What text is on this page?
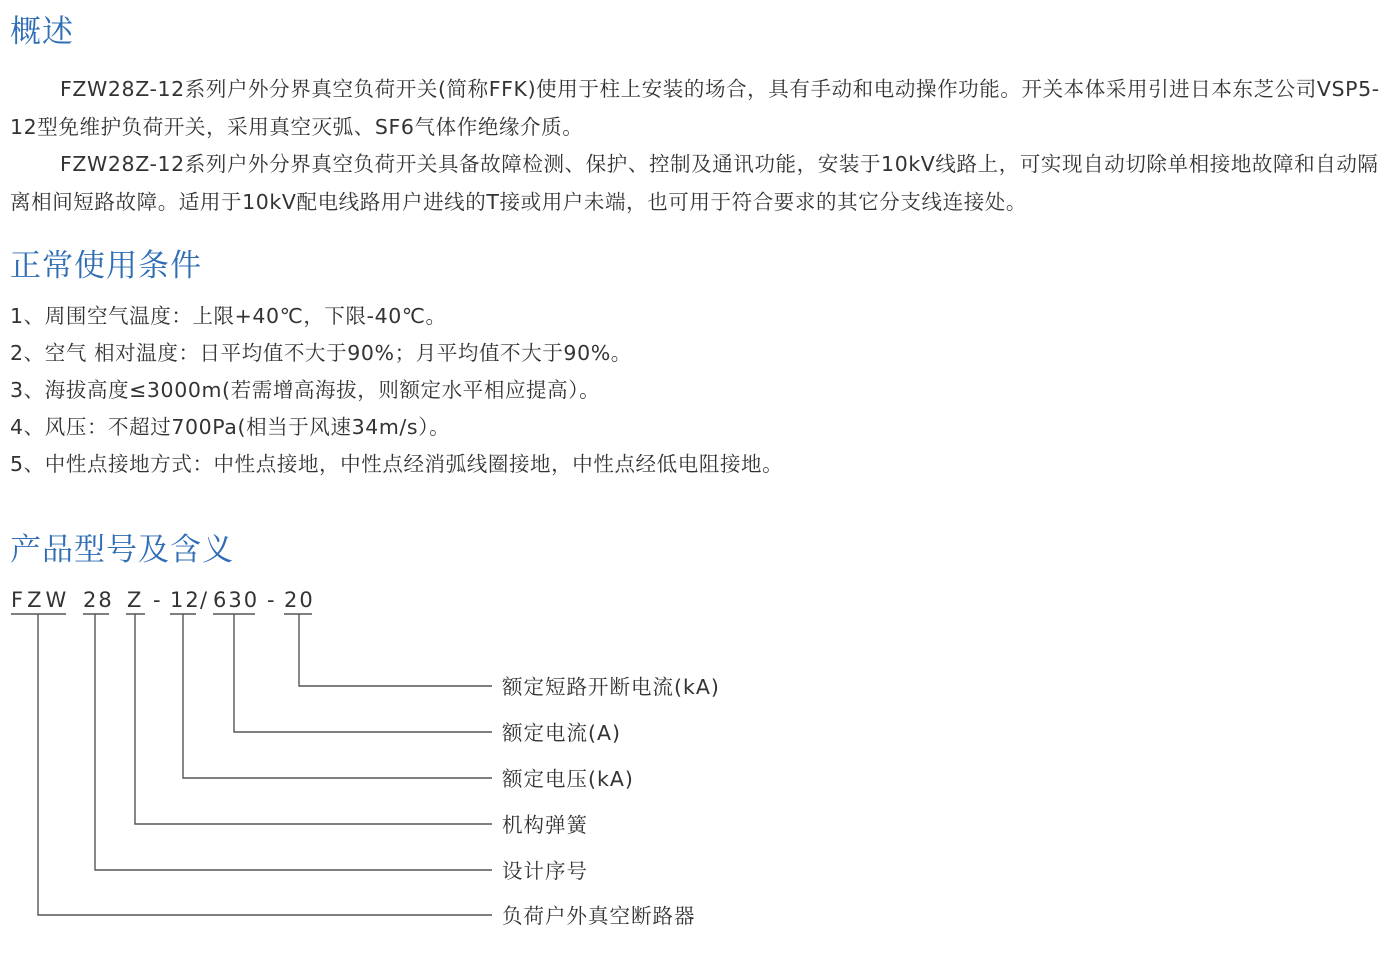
概述

FZW28Z-12系列户外分界真空负荷开关(简称FFK)使用于柱上安装的场合，具有手动和电动操作功能。开关本体采用引进日本东芝公司VSP5-12型免维护负荷开关，采用真空灭弧、SF6气体作绝缘介质。

FZW28Z-12系列户外分界真空负荷开关具备故障检测、保护、控制及通讯功能，安装于10kV线路上，可实现自动切除单相接地故障和自动隔离相间短路故障。适用于10kV配电线路用户进线的T接或用户未端，也可用于符合要求的其它分支线连接处。

正常使用条件
1、周围空气温度：上限+40℃，下限-40℃。
2、空气 相对温度：日平均值不大于90%；月平均值不大于90%。
3、海拔高度≤3000m(若需增高海拔，则额定水平相应提高）。
4、风压：不超过700Pa(相当于风速34m/s）。
5、中性点接地方式：中性点接地，中性点经消弧线圈接地，中性点经低电阻接地。
产品型号及含义
FZW 28 Z - 12 / 630 - 20
额定短路开断电流(kA)
额定电流(A)
额定电压(kA)
机构弹簧
设计序号
负荷户外真空断路器
